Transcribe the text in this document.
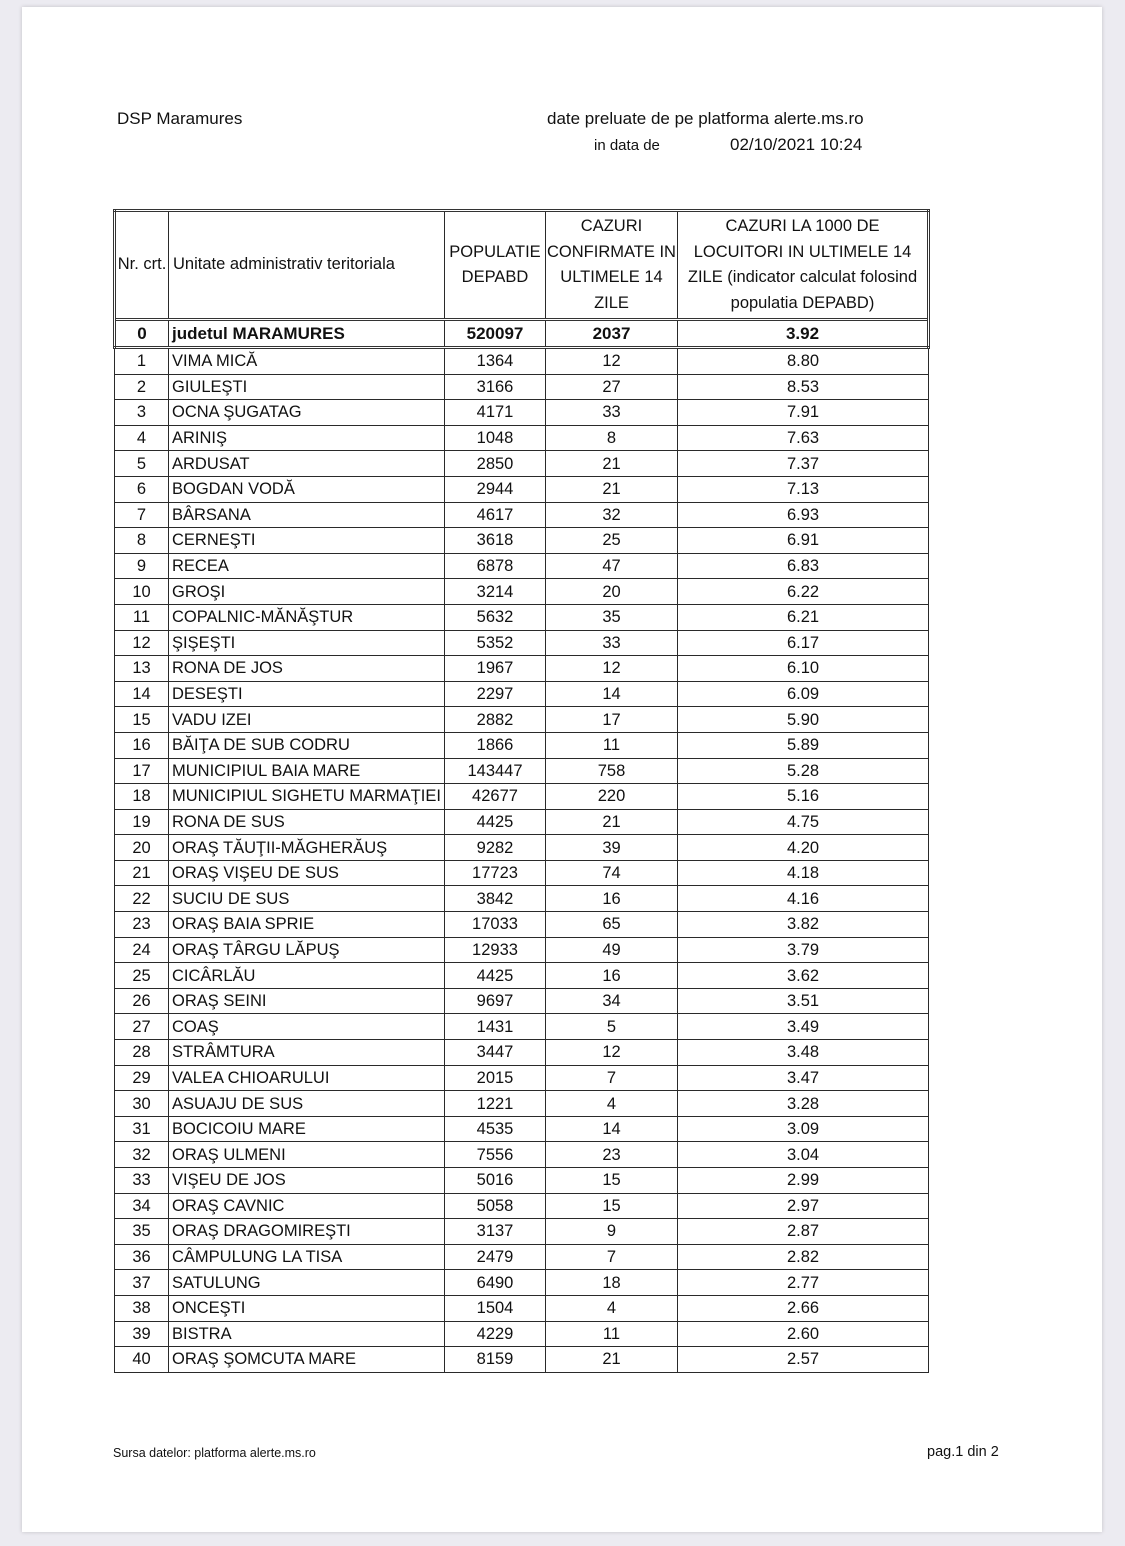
DSP Maramures	date preluate de pe platforma alerte.ms.ro
in data de	02/10/2021 10:24
Nr. crt.	Unitate administrativ teritoriala	POPULATIE DEPABD	CAZURI CONFIRMATE IN ULTIMELE 14 ZILE	CAZURI LA 1000 DE LOCUITORI IN ULTIMELE 14 ZILE (indicator calculat folosind populatia DEPABD)
0	judetul MARAMURES	520097	2037	3.92
1	VIMA MICĂ	1364	12	8.80
2	GIULEŞTI	3166	27	8.53
3	OCNA ŞUGATAG	4171	33	7.91
4	ARINIŞ	1048	8	7.63
5	ARDUSAT	2850	21	7.37
6	BOGDAN VODĂ	2944	21	7.13
7	BÂRSANA	4617	32	6.93
8	CERNEŞTI	3618	25	6.91
9	RECEA	6878	47	6.83
10	GROŞI	3214	20	6.22
11	COPALNIC-MĂNĂŞTUR	5632	35	6.21
12	ŞIŞEŞTI	5352	33	6.17
13	RONA DE JOS	1967	12	6.10
14	DESEŞTI	2297	14	6.09
15	VADU IZEI	2882	17	5.90
16	BĂIŢA DE SUB CODRU	1866	11	5.89
17	MUNICIPIUL BAIA MARE	143447	758	5.28
18	MUNICIPIUL SIGHETU MARMAŢIEI	42677	220	5.16
19	RONA DE SUS	4425	21	4.75
20	ORAŞ TĂUŢII-MĂGHERĂUŞ	9282	39	4.20
21	ORAŞ VIŞEU DE SUS	17723	74	4.18
22	SUCIU DE SUS	3842	16	4.16
23	ORAŞ BAIA SPRIE	17033	65	3.82
24	ORAŞ TÂRGU LĂPUŞ	12933	49	3.79
25	CICÂRLĂU	4425	16	3.62
26	ORAŞ SEINI	9697	34	3.51
27	COAŞ	1431	5	3.49
28	STRÂMTURA	3447	12	3.48
29	VALEA CHIOARULUI	2015	7	3.47
30	ASUAJU DE SUS	1221	4	3.28
31	BOCICOIU MARE	4535	14	3.09
32	ORAŞ ULMENI	7556	23	3.04
33	VIŞEU DE JOS	5016	15	2.99
34	ORAŞ CAVNIC	5058	15	2.97
35	ORAŞ DRAGOMIREŞTI	3137	9	2.87
36	CÂMPULUNG LA TISA	2479	7	2.82
37	SATULUNG	6490	18	2.77
38	ONCEŞTI	1504	4	2.66
39	BISTRA	4229	11	2.60
40	ORAŞ ŞOMCUTA MARE	8159	21	2.57
Sursa datelor: platforma alerte.ms.ro	pag.1 din 2
